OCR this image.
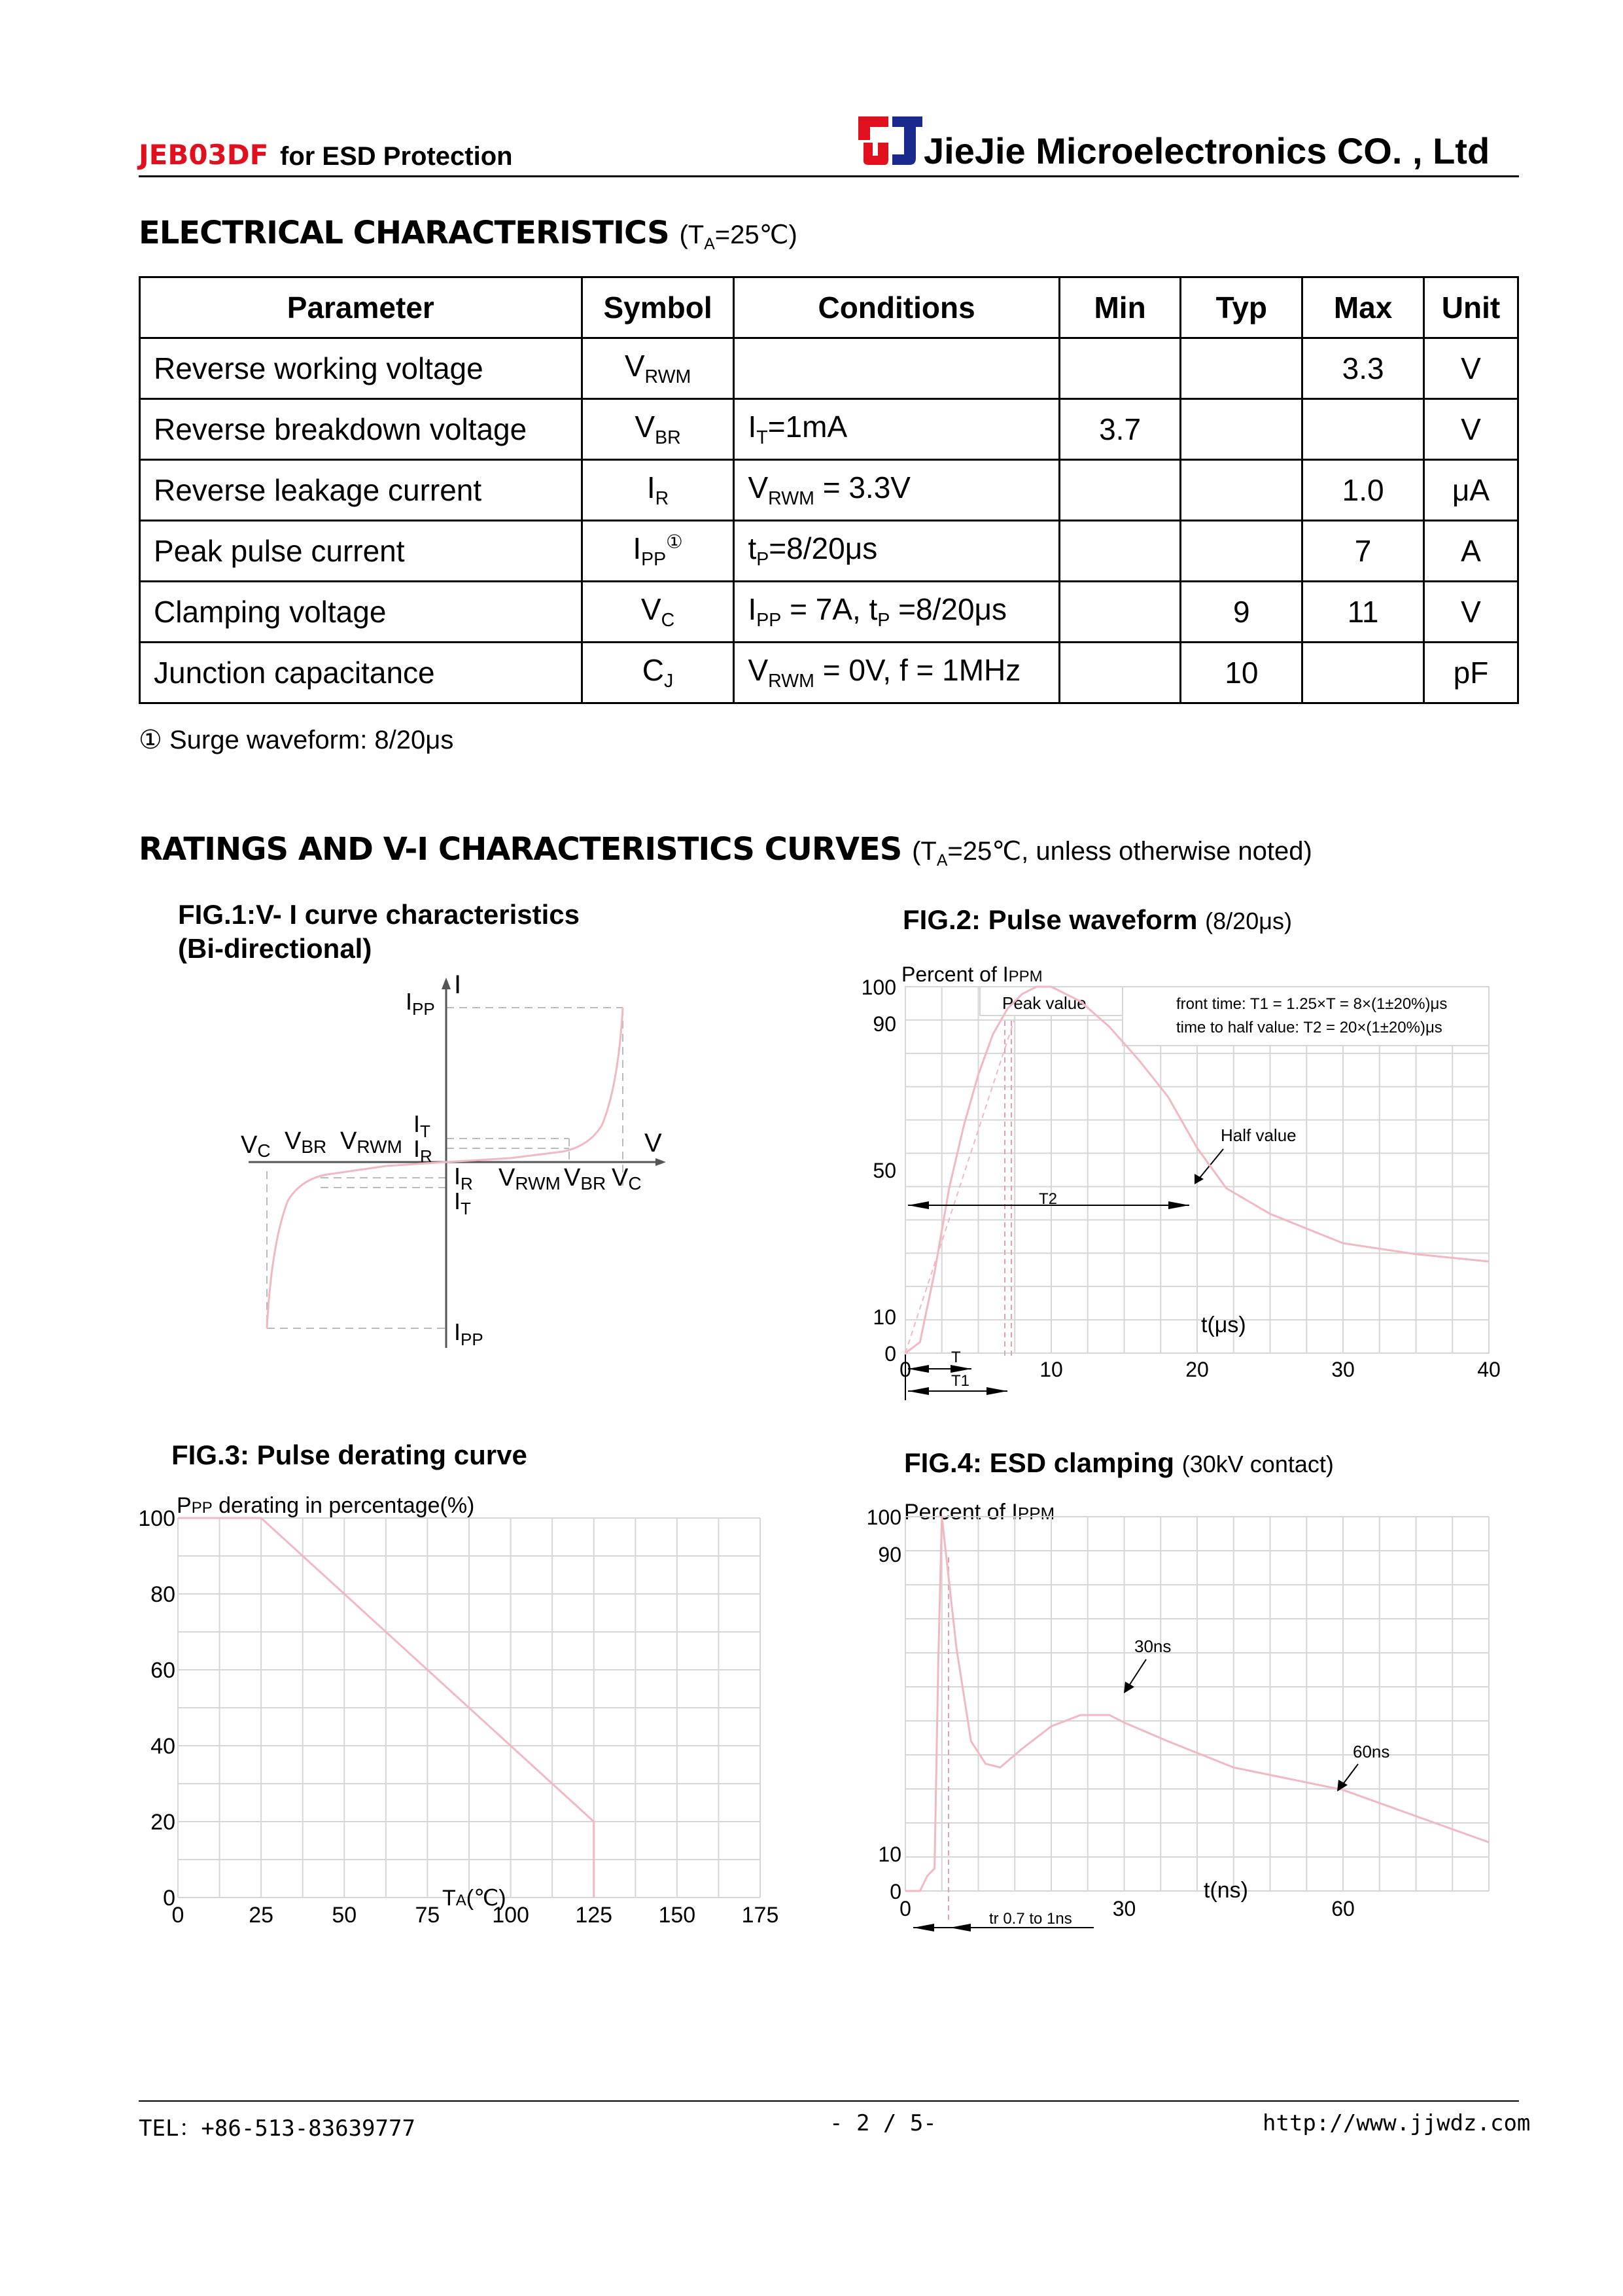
JEB03DF for ESD Protection	JieJie Microelectronics CO. , Ltd
ELECTRICAL CHARACTERISTICS $(T_A=25℃)$
Parameter	Symbol	Conditions	Min	Typ	Max	Unit
Reverse working voltage	$V_{RWM}$				3.3	V
Reverse breakdown voltage	$V_{BR}$	$I_T=1mA$	3.7			V
Reverse leakage current	$I_R$	$V_{RWM} = 3.3V$			1.0	μA
Peak pulse current	$I_{PP}^①$	$t_P=8/20\mu s$			7	A
Clamping voltage	$V_C$	$I_{PP} = 7A$, $t_P =8/20\mu s$		9	11	V
Junction capacitance	$C_J$	$V_{RWM} = 0V$, f = 1MHz		10		pF
① Surge waveform: 8/20μs
RATINGS AND V-I CHARACTERISTICS CURVES ($T_A=25℃$, unless otherwise noted)
FIG.1:V- I curve characteristics
(Bi-directional)
I
$I_{PP}$
$I_T$
$I_R$	V
VC VBR VRWM
$I_R$
$I_T$
VRWM VBR VC
$I_{PP}$
FIG.2: Pulse waveform (8/20μs)
Percent of IPPM
Peak value	front time: T1 = 1.25×T = 8×(1±20%)μs
time to half value: T2 = 20×(1±20%)μs
Half value
T2
T
T1
100
90
50
10
0
0	10	20	30	40
t(μs)
FIG.3: Pulse derating curve
PPP derating in percentage(%)
100
80
60
40
20
0
0	25	50	75 100 125 150 175
TA(℃)
FIG.4: ESD clamping (30kV contact)
Percent of IPPM
30ns
60ns
tr 0.7 to 1ns
100
90
10
0
0	30	60
t(ns)
TEL：+86-513-83639777	- 2 / 5-	http://www.jjwdz.com
